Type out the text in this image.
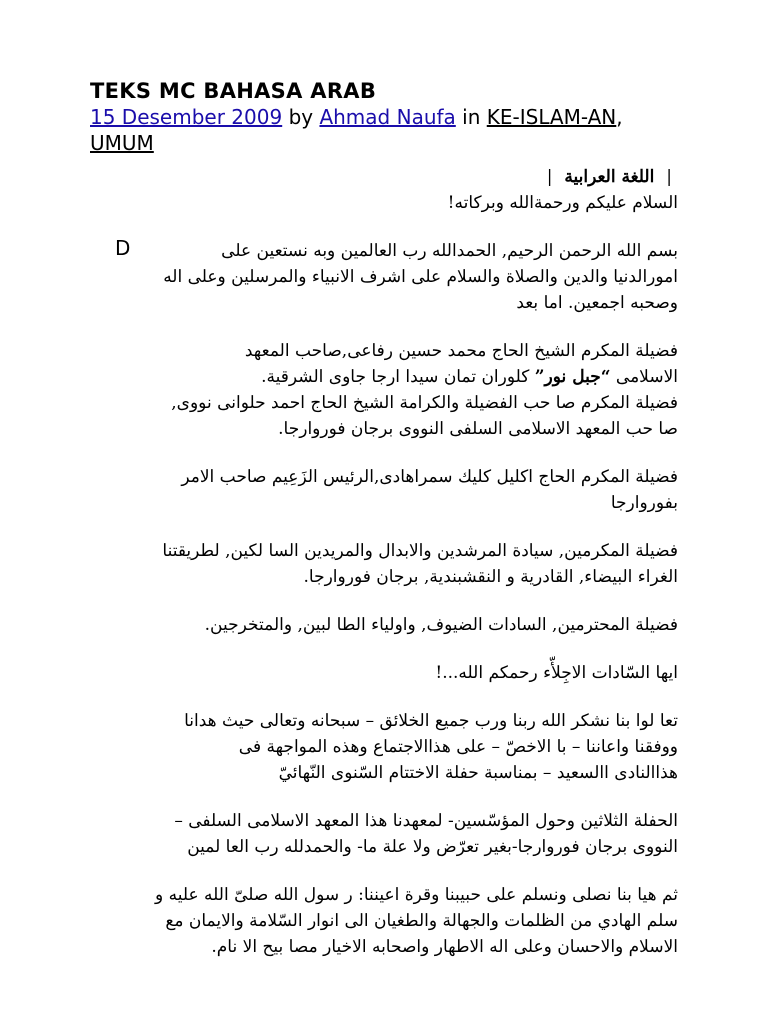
TEKS MC BAHASA ARAB

15 Desember 2009 by Ahmad Naufa in KE-ISLAM-AN, UMUM

| اللغة العرابية |

السلام عليكم ورحمةالله وبركاته!

D	بسم الله الرحمن الرحيم, الحمدالله رب العالمين وبه نستعين على

امورالدنيا والدين والصلاة والسلام على اشرف الانبياء والمرسلين وعلى اله

وصحبه اجمعين. اما بعد

فضيلة المكرم الشيخ الحاج محمد حسين رفاعى,صاحب المعهد

الاسلامى “جبل نور” كلوران تمان سيدا ارجا جاوى الشرقية.

فضيلة المكرم صا حب الفضيلة والكرامة الشيخ الحاج احمد حلوانى نووى,

صا حب المعهد الاسلامى السلفى النووى برجان فوروارجا.

فضيلة المكرم الحاج اكليل كليك سمراهادى,الرئيس الزَعِيم صاحب الامر

بفوروارجا

فضيلة المكرمين, سيادة المرشدين والابدال والمريدين السا لكين, لطريقتنا

الغراء البيضاء, القادرية و النقشبندية, برجان فوروارجا.

فضيلة المحترمين, السادات الضيوف, واولياء الطا لبين, والمتخرجين.

ايها السّادات الاجِلأّء رحمكم الله...!

تعا لوا بنا نشكر الله ربنا ورب جميع الخلائق – سبحانه وتعالى حيث هدانا

ووفقنا واعاننا – با الاخصّ – على هذاالاجتماع وهذه المواجهة فى

هذاالنادى االسعيد – بمناسبة حفلة الاختتام السّنوى النّهائيّ

الحفلة الثلاثين وحول المؤسّسين- لمعهدنا هذا المعهد الاسلامى السلفى –

النووى برجان فوروارجا-بغير تعرّض ولا علة ما- والحمدلله رب العا لمين

ثم هيا بنا نصلى ونسلم على حبيبنا وقرة اعيننا: ر سول الله صلىّ الله عليه و

سلم الهادي من الظلمات والجهالة والطغيان الى انوار السّلامة والايمان مع

الاسلام والاحسان وعلى اله الاطهار واصحابه الاخيار مصا بيح الا نام.
